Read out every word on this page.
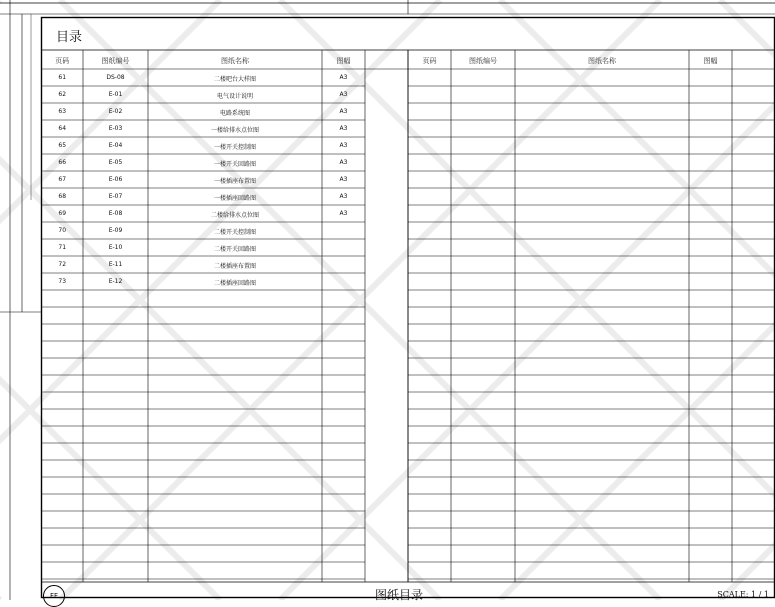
目录
页码	图纸编号	图纸名称	图幅	页码	图纸编号	图纸名称	图幅
61	DS-08	二楼吧台大样图	A3
62	E-01	电气设计说明	A3
63	E-02	电路系统图	A3
64	E-03	一楼给排水点位图	A3
65	E-04	一楼开关控制图	A3
66	E-05	一楼开关回路图	A3
67	E-06	一楼插座布置图	A3
68	E-07	一楼插座回路图	A3
69	E-08	二楼给排水点位图	A3
70	E-09	二楼开关控制图
71	E-10	二楼开关回路图
72	E-11	二楼插座布置图
73	E-12	二楼插座回路图
FF	图纸目录	SCALE: 1 / 1
